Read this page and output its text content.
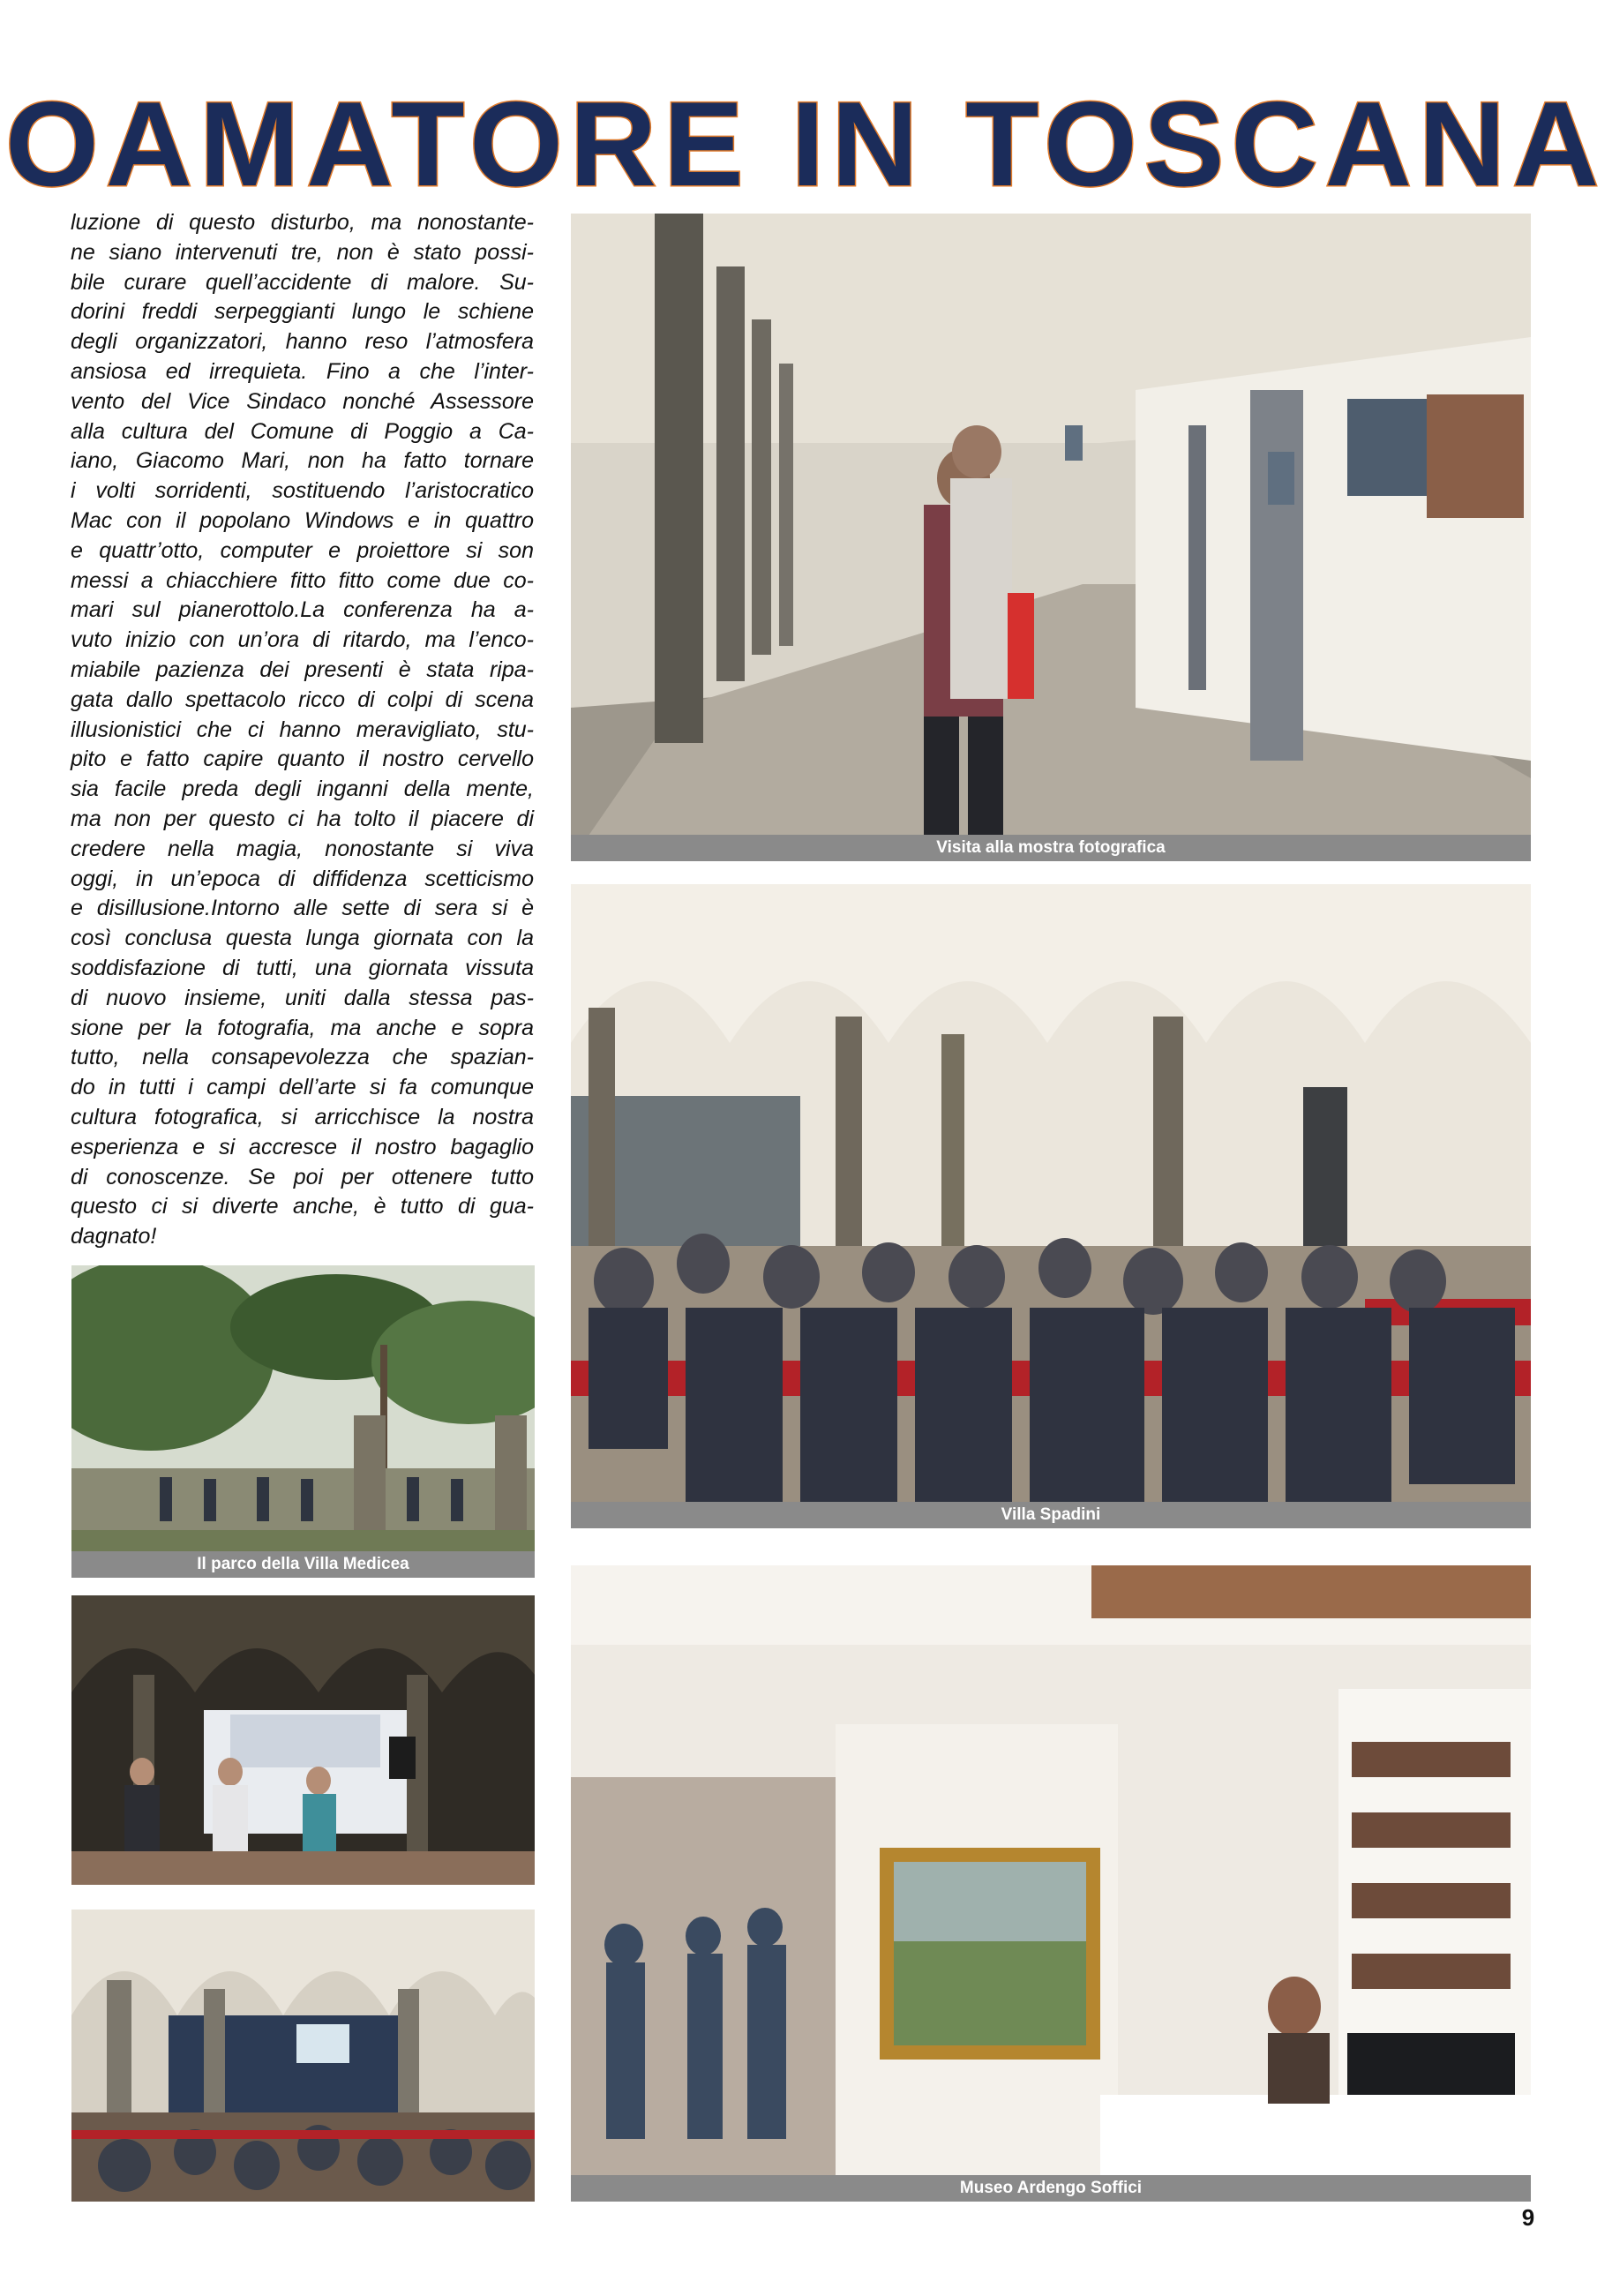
OAMATORE IN TOSCANA
luzione di questo disturbo, ma nonostante-
ne siano intervenuti tre, non è stato possi-
bile curare quell’accidente di malore. Su-
dorini freddi serpeggianti lungo le schiene
degli organizzatori, hanno reso l’atmosfera
ansiosa ed irrequieta. Fino a che l’inter-
vento del Vice Sindaco nonché Assessore
alla cultura del Comune di Poggio a Ca-
iano, Giacomo Mari, non ha fatto tornare
i volti sorridenti, sostituendo l’aristocratico
Mac con il popolano Windows e in quattro
e quattr’otto, computer e proiettore si son
messi a chiacchiere fitto fitto come due co-
mari sul pianerottolo.La conferenza ha a-
vuto inizio con un’ora di ritardo, ma l’enco-
miabile pazienza dei presenti è stata ripa-
gata dallo spettacolo ricco di colpi di scena
illusionistici che ci hanno meravigliato, stu-
pito e fatto capire quanto il nostro cervello
sia facile preda degli inganni della mente,
ma non per questo ci ha tolto il piacere di
credere nella magia, nonostante si viva
oggi, in un’epoca di diffidenza scetticismo
e disillusione.Intorno alle sette di sera si è
così conclusa questa lunga giornata con la
soddisfazione di tutti, una giornata vissuta
di nuovo insieme, uniti dalla stessa pas-
sione per la fotografia, ma anche e sopra
tutto, nella consapevolezza che spazian-
do in tutti i campi dell’arte si fa comunque
cultura fotografica, si arricchisce la nostra
esperienza e si accresce il nostro bagaglio
di conoscenze. Se poi per ottenere tutto
questo ci si diverte anche, è tutto di gua-
dagnato!
Visita alla mostra fotografica
Villa Spadini
Il parco della Villa Medicea
Museo Ardengo Soffici
9
